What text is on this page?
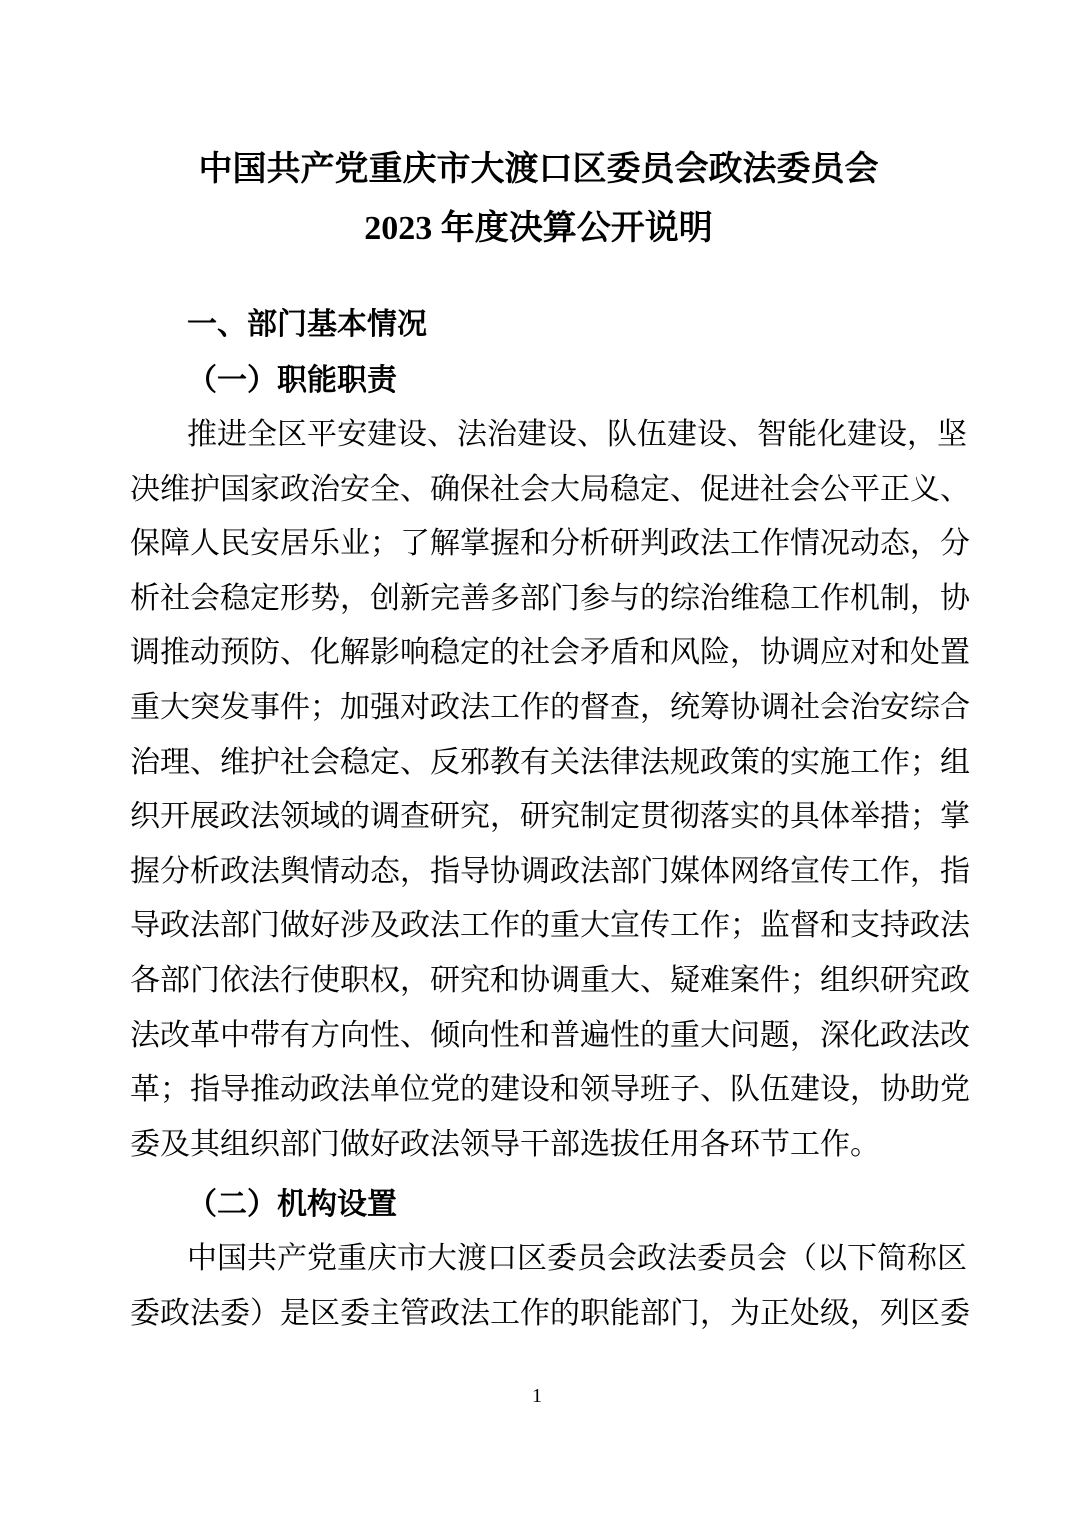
中国共产党重庆市大渡口区委员会政法委员会
2023 年度决算公开说明
一、部门基本情况
（一）职能职责
推进全区平安建设、法治建设、队伍建设、智能化建设，坚
决维护国家政治安全、确保社会大局稳定、促进社会公平正义、
保障人民安居乐业；了解掌握和分析研判政法工作情况动态，分
析社会稳定形势，创新完善多部门参与的综治维稳工作机制，协
调推动预防、化解影响稳定的社会矛盾和风险，协调应对和处置
重大突发事件；加强对政法工作的督查，统筹协调社会治安综合
治理、维护社会稳定、反邪教有关法律法规政策的实施工作；组
织开展政法领域的调查研究，研究制定贯彻落实的具体举措；掌
握分析政法舆情动态，指导协调政法部门媒体网络宣传工作，指
导政法部门做好涉及政法工作的重大宣传工作；监督和支持政法
各部门依法行使职权，研究和协调重大、疑难案件；组织研究政
法改革中带有方向性、倾向性和普遍性的重大问题，深化政法改
革；指导推动政法单位党的建设和领导班子、队伍建设，协助党
委及其组织部门做好政法领导干部选拔任用各环节工作。
（二）机构设置
中国共产党重庆市大渡口区委员会政法委员会（以下简称区
委政法委）是区委主管政法工作的职能部门，为正处级，列区委
1
